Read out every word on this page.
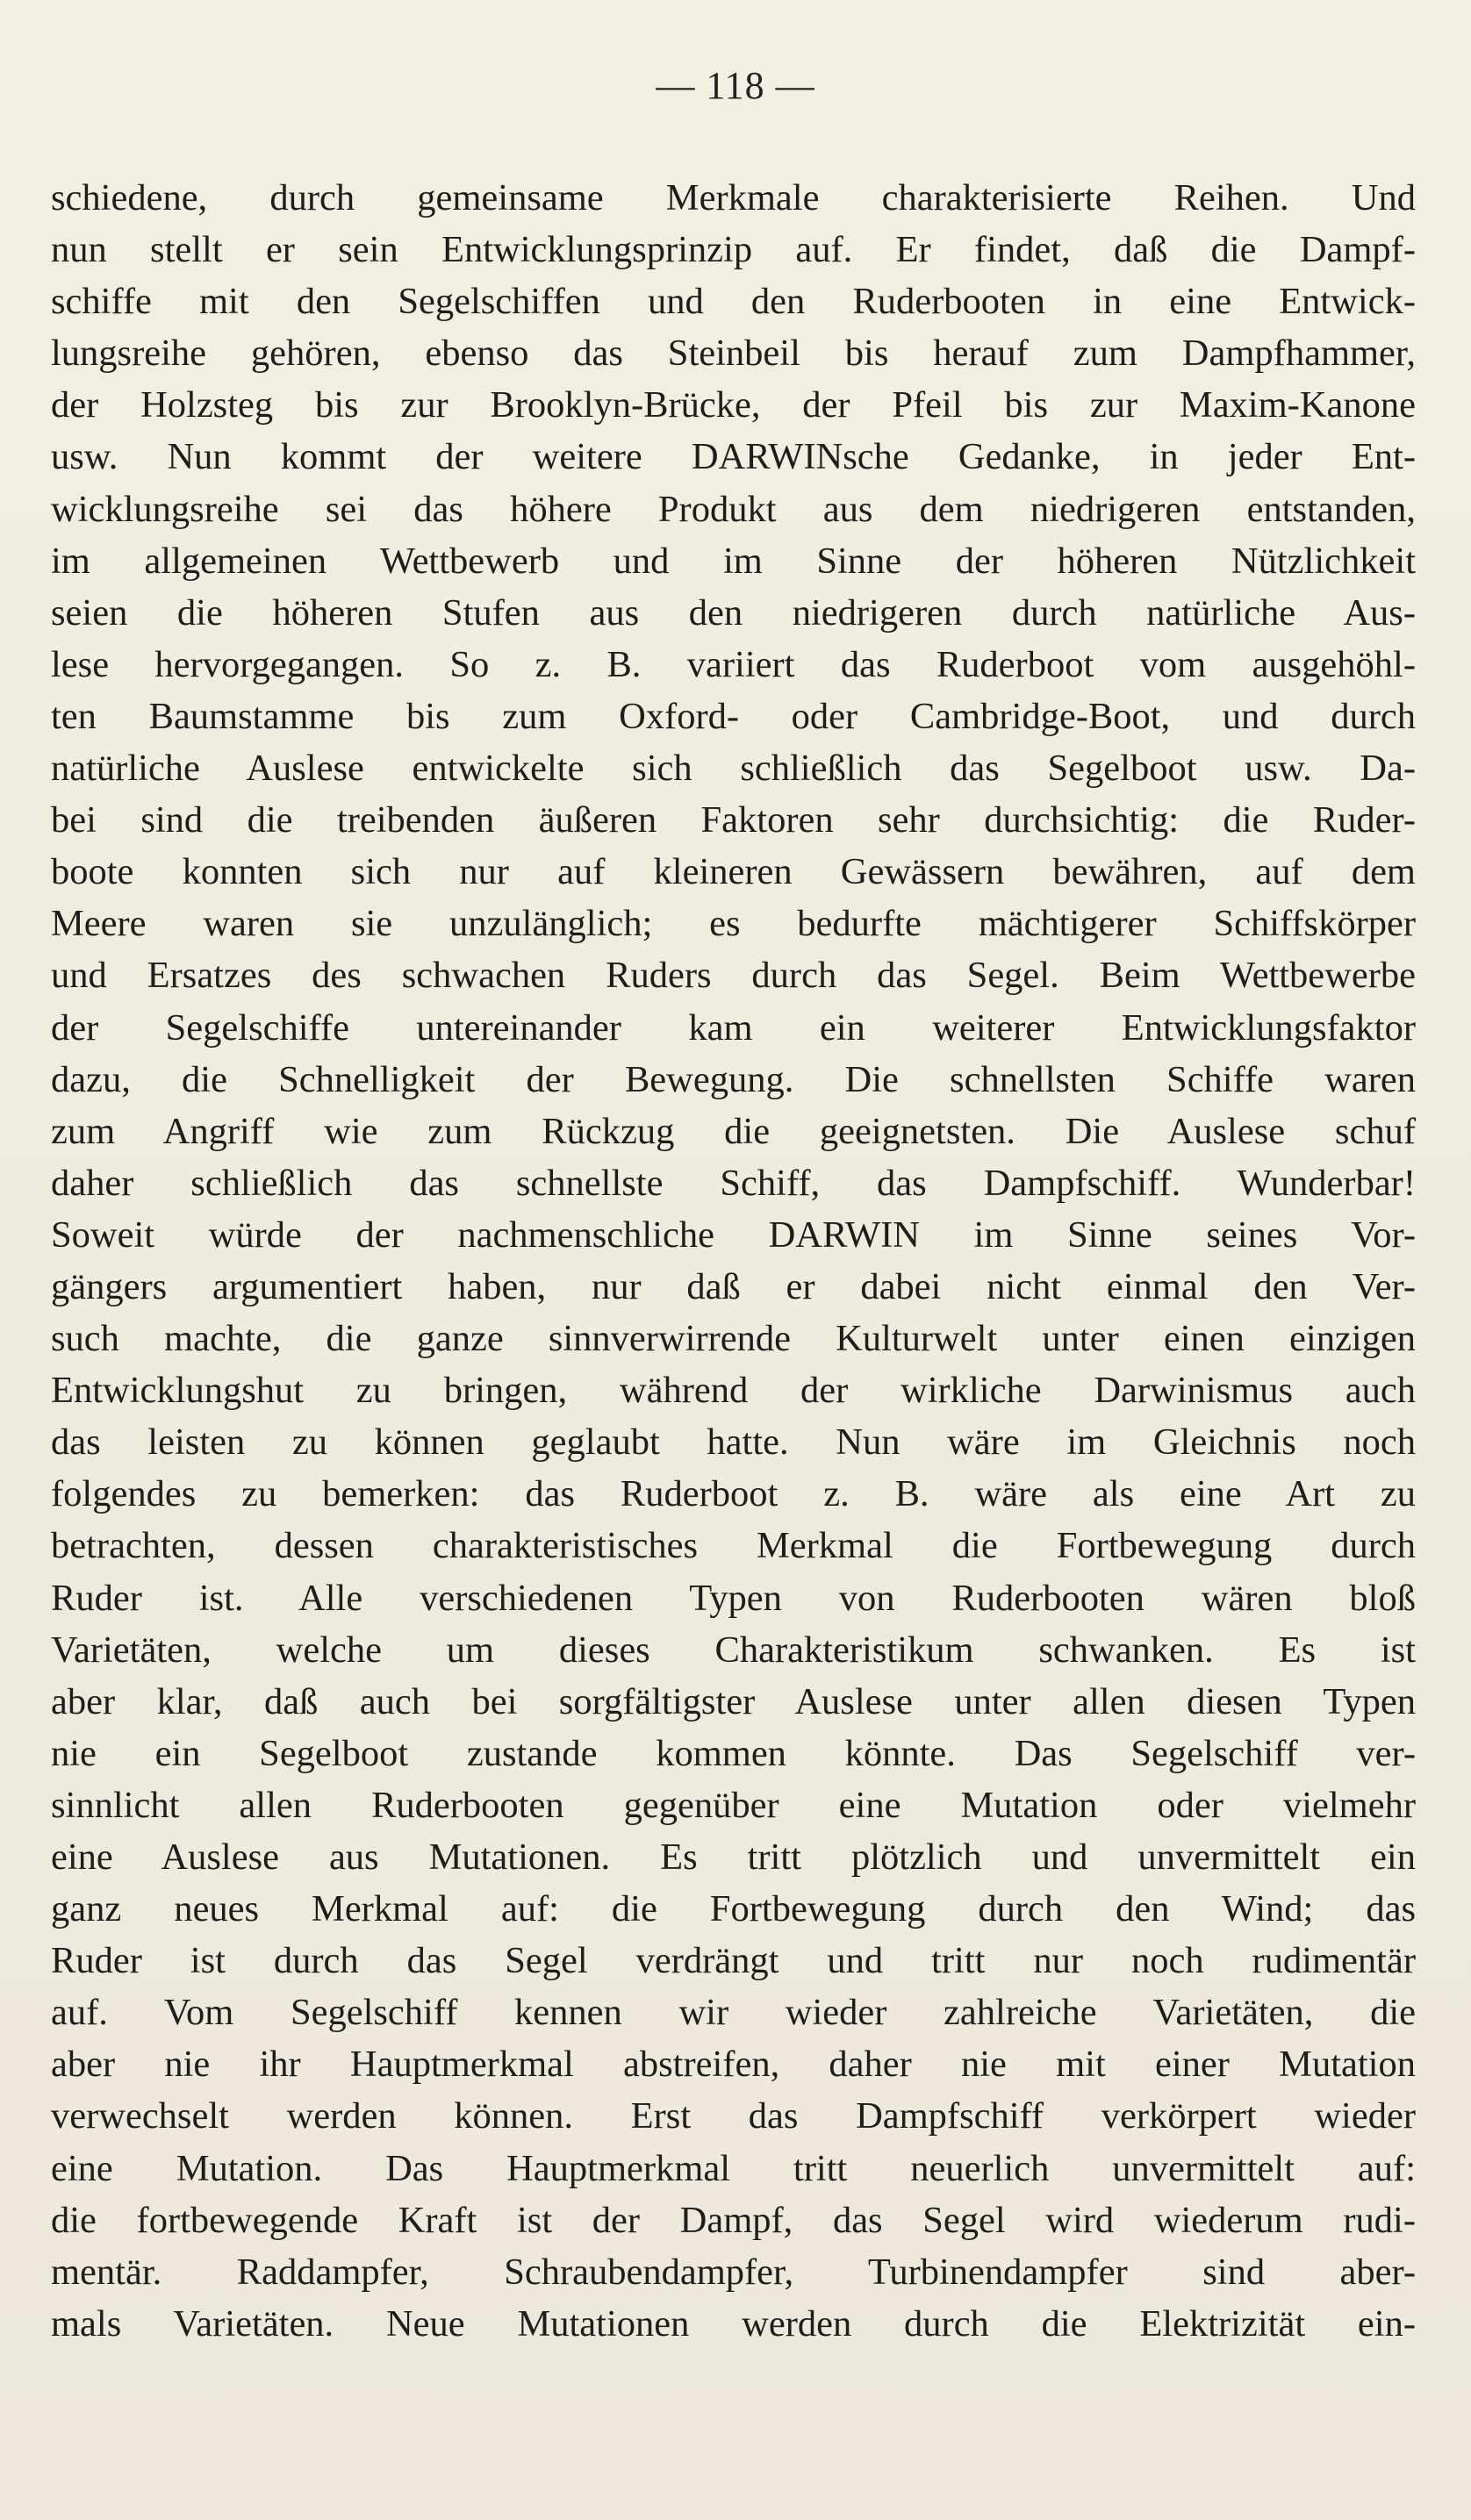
— 118 —
schiedene, durch gemeinsame Merkmale charakterisierte Reihen. Und
nun stellt er sein Entwicklungsprinzip auf. Er findet, daß die Dampf-
schiffe mit den Segelschiffen und den Ruderbooten in eine Entwick-
lungsreihe gehören, ebenso das Steinbeil bis herauf zum Dampfhammer,
der Holzsteg bis zur Brooklyn-Brücke, der Pfeil bis zur Maxim-Kanone
usw. Nun kommt der weitere DARWINsche Gedanke, in jeder Ent-
wicklungsreihe sei das höhere Produkt aus dem niedrigeren entstanden,
im allgemeinen Wettbewerb und im Sinne der höheren Nützlichkeit
seien die höheren Stufen aus den niedrigeren durch natürliche Aus-
lese hervorgegangen. So z. B. variiert das Ruderboot vom ausgehöhl-
ten Baumstamme bis zum Oxford- oder Cambridge-Boot, und durch
natürliche Auslese entwickelte sich schließlich das Segelboot usw. Da-
bei sind die treibenden äußeren Faktoren sehr durchsichtig: die Ruder-
boote konnten sich nur auf kleineren Gewässern bewähren, auf dem
Meere waren sie unzulänglich; es bedurfte mächtigerer Schiffskörper
und Ersatzes des schwachen Ruders durch das Segel. Beim Wettbewerbe
der Segelschiffe untereinander kam ein weiterer Entwicklungsfaktor
dazu, die Schnelligkeit der Bewegung. Die schnellsten Schiffe waren
zum Angriff wie zum Rückzug die geeignetsten. Die Auslese schuf
daher schließlich das schnellste Schiff, das Dampfschiff. Wunderbar!
Soweit würde der nachmenschliche DARWIN im Sinne seines Vor-
gängers argumentiert haben, nur daß er dabei nicht einmal den Ver-
such machte, die ganze sinnverwirrende Kulturwelt unter einen einzigen
Entwicklungshut zu bringen, während der wirkliche Darwinismus auch
das leisten zu können geglaubt hatte. Nun wäre im Gleichnis noch
folgendes zu bemerken: das Ruderboot z. B. wäre als eine Art zu
betrachten, dessen charakteristisches Merkmal die Fortbewegung durch
Ruder ist. Alle verschiedenen Typen von Ruderbooten wären bloß
Varietäten, welche um dieses Charakteristikum schwanken. Es ist
aber klar, daß auch bei sorgfältigster Auslese unter allen diesen Typen
nie ein Segelboot zustande kommen könnte. Das Segelschiff ver-
sinnlicht allen Ruderbooten gegenüber eine Mutation oder vielmehr
eine Auslese aus Mutationen. Es tritt plötzlich und unvermittelt ein
ganz neues Merkmal auf: die Fortbewegung durch den Wind; das
Ruder ist durch das Segel verdrängt und tritt nur noch rudimentär
auf. Vom Segelschiff kennen wir wieder zahlreiche Varietäten, die
aber nie ihr Hauptmerkmal abstreifen, daher nie mit einer Mutation
verwechselt werden können. Erst das Dampfschiff verkörpert wieder
eine Mutation. Das Hauptmerkmal tritt neuerlich unvermittelt auf:
die fortbewegende Kraft ist der Dampf, das Segel wird wiederum rudi-
mentär. Raddampfer, Schraubendampfer, Turbinendampfer sind aber-
mals Varietäten. Neue Mutationen werden durch die Elektrizität ein-
